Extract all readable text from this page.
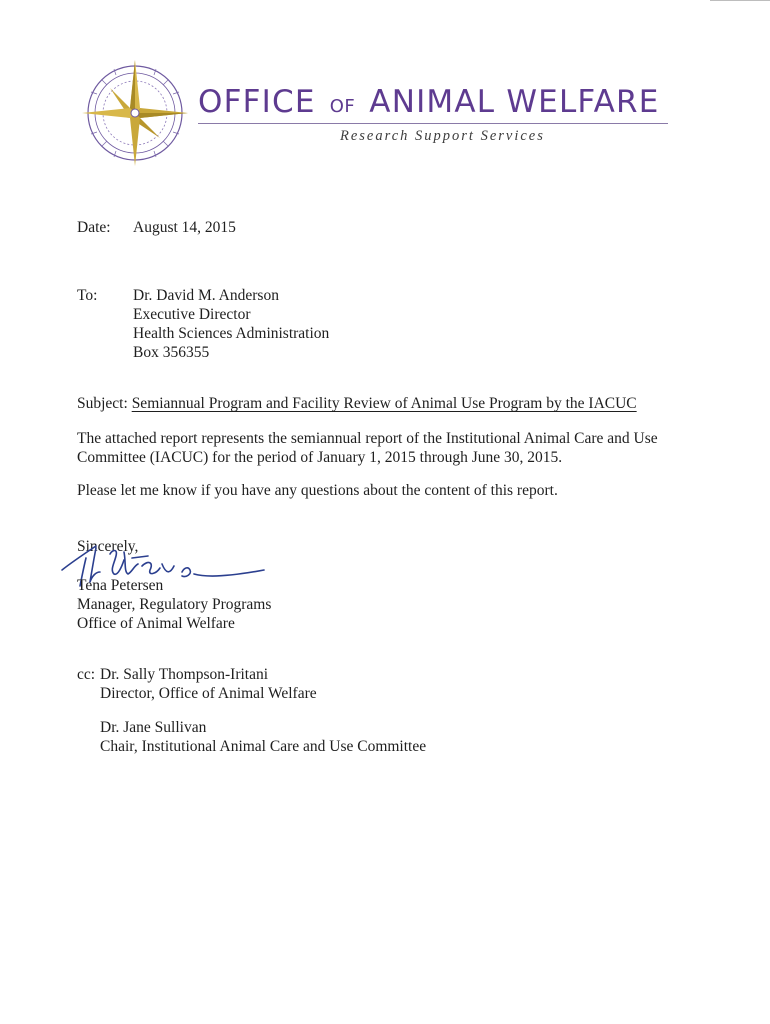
OFFICE OF ANIMAL WELFARE
Research Support Services
Date: August 14, 2015
To: Dr. David M. Anderson
Executive Director
Health Sciences Administration
Box 356355
Subject: Semiannual Program and Facility Review of Animal Use Program by the IACUC
The attached report represents the semiannual report of the Institutional Animal Care and Use
Committee (IACUC) for the period of January 1, 2015 through June 30, 2015.
Please let me know if you have any questions about the content of this report.
Sincerely,
Tena Petersen
Manager, Regulatory Programs
Office of Animal Welfare
cc: Dr. Sally Thompson-Iritani
Director, Office of Animal Welfare
Dr. Jane Sullivan
Chair, Institutional Animal Care and Use Committee
